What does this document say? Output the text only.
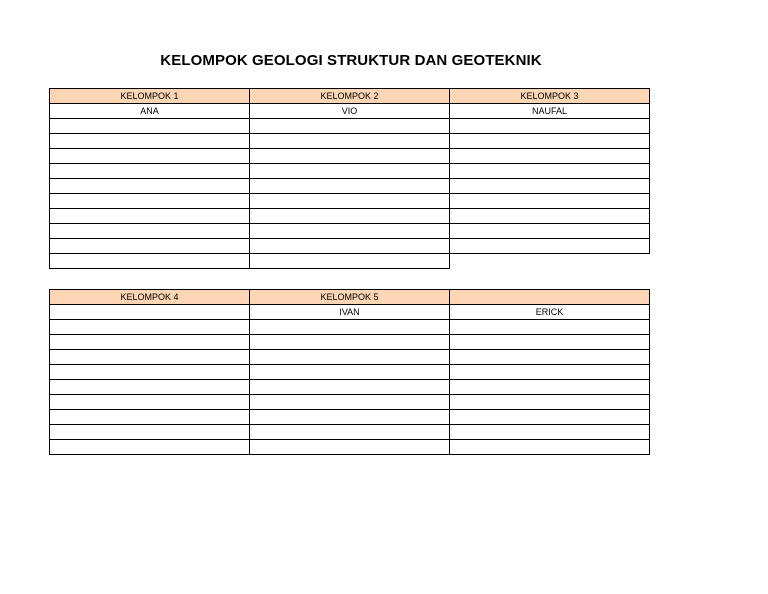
KELOMPOK GEOLOGI STRUKTUR DAN GEOTEKNIK
KELOMPOK 1	KELOMPOK 2	KELOMPOK 3
ANA	VIO	NAUFAL

KELOMPOK 4	KELOMPOK 5	
	IVAN	ERICK
